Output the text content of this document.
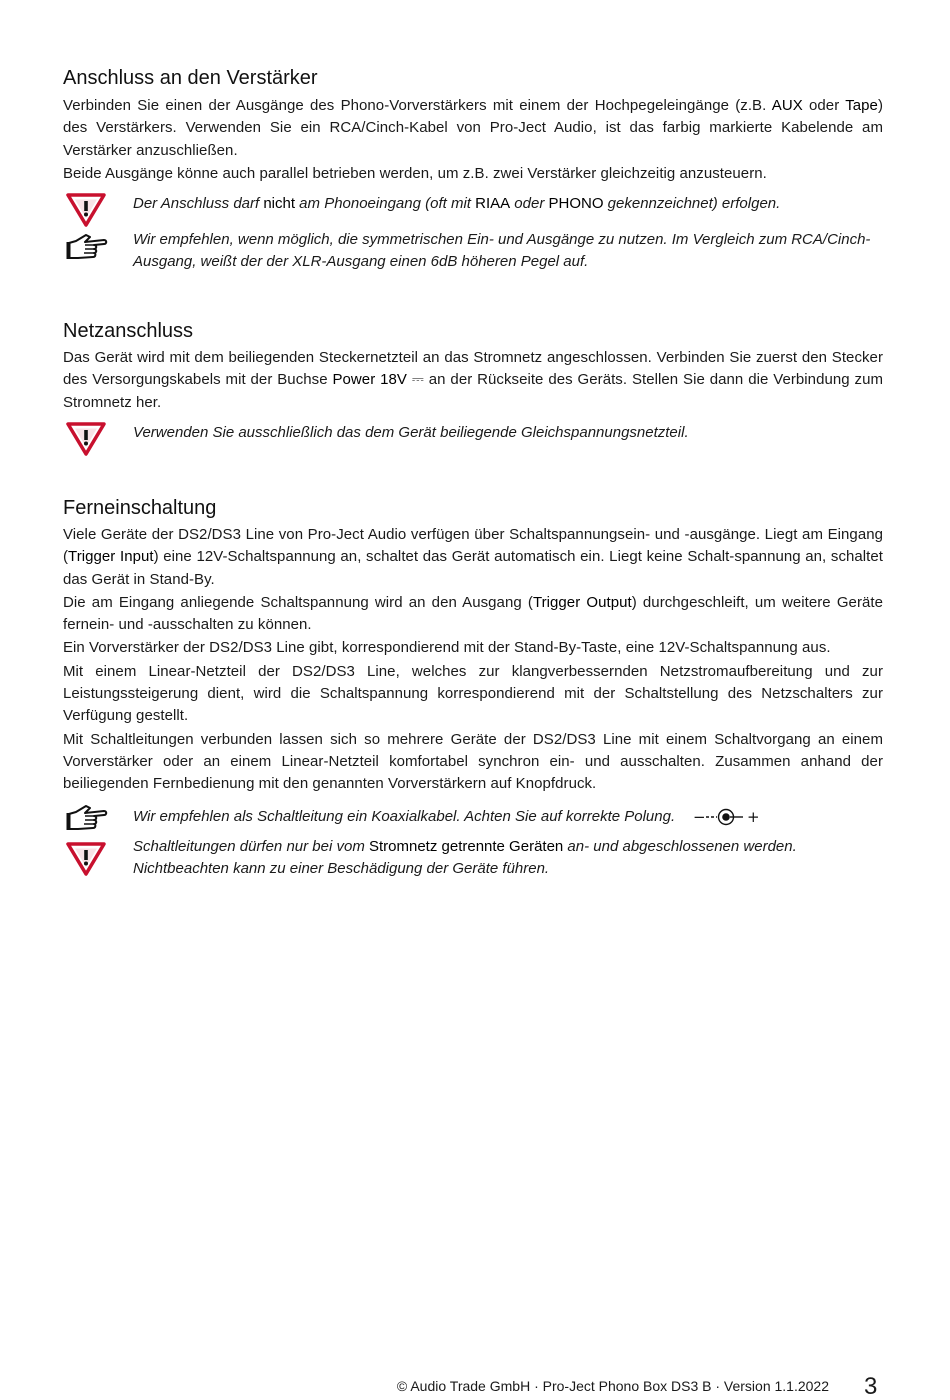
Anschluss an den Verstärker

Verbinden Sie einen der Ausgänge des Phono-Vorverstärkers mit einem der Hochpegeleingänge (z.B. AUX oder Tape) des Verstärkers. Verwenden Sie ein RCA/Cinch-Kabel von Pro-Ject Audio, ist das farbig markierte Kabelende am Verstärker anzuschließen.

Beide Ausgänge könne auch parallel betrieben werden, um z.B. zwei Verstärker gleichzeitig anzusteuern.

Der Anschluss darf nicht am Phonoeingang (oft mit RIAA oder PHONO gekennzeichnet) erfolgen.
Wir empfehlen, wenn möglich, die symmetrischen Ein- und Ausgänge zu nutzen. Im Vergleich zum RCA/Cinch-Ausgang, weißt der der XLR-Ausgang einen 6dB höheren Pegel auf.
Netzanschluss

Das Gerät wird mit dem beiliegenden Steckernetzteil an das Stromnetz angeschlossen. Verbinden Sie zuerst den Stecker des Versorgungskabels mit der Buchse Power 18V ⎓ an der Rückseite des Geräts. Stellen Sie dann die Verbindung zum Stromnetz her.

Verwenden Sie ausschließlich das dem Gerät beiliegende Gleichspannungsnetzteil.
Ferneinschaltung

Viele Geräte der DS2/DS3 Line von Pro-Ject Audio verfügen über Schaltspannungsein- und -ausgänge. Liegt am Eingang (Trigger Input) eine 12V-Schaltspannung an, schaltet das Gerät automatisch ein. Liegt keine Schalt-spannung an, schaltet das Gerät in Stand-By.

Die am Eingang anliegende Schaltspannung wird an den Ausgang (Trigger Output) durchgeschleift, um weitere Geräte fernein- und -ausschalten zu können.

Ein Vorverstärker der DS2/DS3 Line gibt, korrespondierend mit der Stand-By-Taste, eine 12V-Schaltspannung aus.

Mit einem Linear-Netzteil der DS2/DS3 Line, welches zur klangverbessernden Netzstromaufbereitung und zur Leistungssteigerung dient, wird die Schaltspannung korrespondierend mit der Schaltstellung des Netzschalters zur Verfügung gestellt.

Mit Schaltleitungen verbunden lassen sich so mehrere Geräte der DS2/DS3 Line mit einem Schaltvorgang an einem Vorverstärker oder an einem Linear-Netzteil komfortabel synchron ein- und ausschalten. Zusammen anhand der beiliegenden Fernbedienung mit den genannten Vorverstärkern auf Knopfdruck.

Wir empfehlen als Schaltleitung ein Koaxialkabel. Achten Sie auf korrekte Polung. −	+
Schaltleitungen dürfen nur bei vom Stromnetz getrennte Geräten an- und abgeschlossenen werden. Nichtbeachten kann zu einer Beschädigung der Geräte führen.
© Audio Trade GmbH · Pro-Ject Phono Box DS3 B · Version 1.1.2022 3
